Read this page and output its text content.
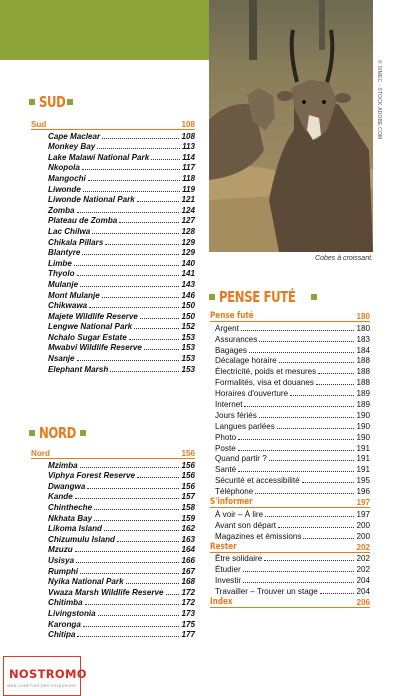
© SIMEC - STOCK.ADOBE.COM
Cobes à croissant.
SUD
Sud	108
Cape Maclear	108
Monkey Bay	113
Lake Malawi National Park	114
Nkopola	117
Mangochi	118
Liwonde	119
Liwonde National Park	121
Zomba	124
Plateau de Zomba	127
Lac Chilwa	128
Chikala Pillars	129
Blantyre	129
Limbe	140
Thyolo	141
Mulanje	143
Mont Mulanje	146
Chikwawa	150
Majete Wildlife Reserve	150
Lengwe National Park	152
Nchalo Sugar Estate	153
Mwabvi Wildlife Reserve	153
Nsanje	153
Elephant Marsh	153
NORD
Nord	156
Mzimba	156
Viphya Forest Reserve	156
Dwangwa	156
Kande	157
Chintheche	158
Nkhata Bay	159
Likoma Island	162
Chizumulu Island	163
Mzuzu	164
Usisya	166
Rumphi	167
Nyika National Park	168
Vwaza Marsh Wildlife Reserve 172
Chitimba	172
Livingstonia	173
Karonga	175
Chitipa	177
PENSE FUTÉ
Pense futé	180
Argent	180
Assurances	183
Bagages	184
Décalage horaire	188
Électricité, poids et mesures	188
Formalités, visa et douanes	188
Horaires d'ouverture	189
Internet	189
Jours fériés	190
Langues parlées	190
Photo	190
Poste	191
Quand partir ?	191
Santé	191
Sécurité et accessibilité	195
Téléphone	196
S'informer	197
À voir – À lire	197
Avant son départ	200
Magazines et émissions	200
Rester	202
Être solidaire	202
Étudier	202
Investir	204
Travailler – Trouver un stage	204
Index	206
NOSTROMO
WEB COMPTOIR DES VOYAGEURS
